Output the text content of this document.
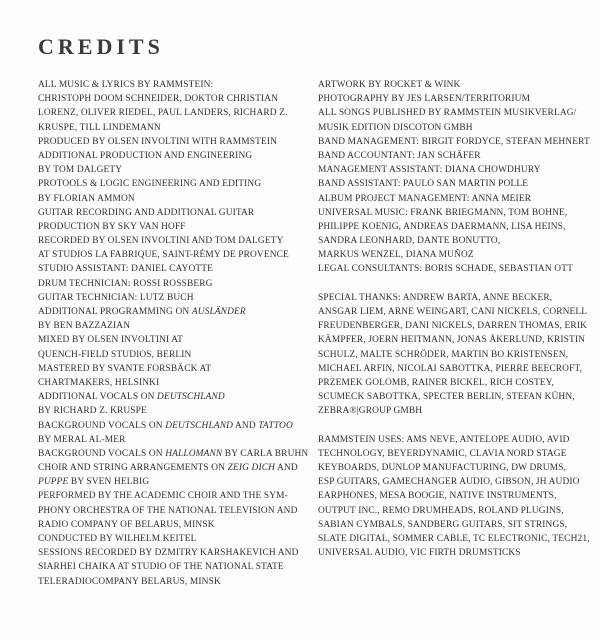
CREDITS
ALL MUSIC & LYRICS BY RAMMSTEIN:
CHRISTOPH DOOM SCHNEIDER, DOKTOR CHRISTIAN
LORENZ, OLIVER RIEDEL, PAUL LANDERS, RICHARD Z.
KRUSPE, TILL LINDEMANN
PRODUCED BY OLSEN INVOLTINI WITH RAMMSTEIN
ADDITIONAL PRODUCTION AND ENGINEERING
BY TOM DALGETY
PROTOOLS & LOGIC ENGINEERING AND EDITING
BY FLORIAN AMMON
GUITAR RECORDING AND ADDITIONAL GUITAR
PRODUCTION BY SKY VAN HOFF
RECORDED BY OLSEN INVOLTINI AND TOM DALGETY
AT STUDIOS LA FABRIQUE, SAINT-RÉMY DE PROVENCE
STUDIO ASSISTANT: DANIEL CAYOTTE
DRUM TECHNICIAN: ROSSI ROSSBERG
GUITAR TECHNICIAN: LUTZ BUCH
ADDITIONAL PROGRAMMING ON AUSLÄNDER
BY BEN BAZZAZIAN
MIXED BY OLSEN INVOLTINI AT
QUENCH-FIELD STUDIOS, BERLIN
MASTERED BY SVANTE FORSBÄCK AT
CHARTMAKERS, HELSINKI
ADDITIONAL VOCALS ON DEUTSCHLAND
BY RICHARD Z. KRUSPE
BACKGROUND VOCALS ON DEUTSCHLAND AND TATTOO
BY MERAL AL-MER
BACKGROUND VOCALS ON HALLOMANN BY CARLA BRUHN
CHOIR AND STRING ARRANGEMENTS ON ZEIG DICH AND
PUPPE BY SVEN HELBIG
PERFORMED BY THE ACADEMIC CHOIR AND THE SYM-
PHONY ORCHESTRA OF THE NATIONAL TELEVISION AND
RADIO COMPANY OF BELARUS, MINSK
CONDUCTED BY WILHELM KEITEL
SESSIONS RECORDED BY DZMITRY KARSHAKEVICH AND
SIARHEI CHAIKA AT STUDIO OF THE NATIONAL STATE
TELERADIOCOMPANY BELARUS, MINSK
ARTWORK BY ROCKET & WINK
PHOTOGRAPHY BY JES LARSEN/TERRITORIUM
ALL SONGS PUBLISHED BY RAMMSTEIN MUSIKVERLAG/
MUSIK EDITION DISCOTON GMBH
BAND MANAGEMENT: BIRGIT FORDYCE, STEFAN MEHNERT
BAND ACCOUNTANT: JAN SCHÄFER
MANAGEMENT ASSISTANT: DIANA CHOWDHURY
BAND ASSISTANT: PAULO SAN MARTIN POLLE
ALBUM PROJECT MANAGEMENT: ANNA MEIER
UNIVERSAL MUSIC: FRANK BRIEGMANN, TOM BOHNE,
PHILIPPE KOENIG, ANDREAS DAERMANN, LISA HEINS,
SANDRA LEONHARD, DANTE BONUTTO,
MARKUS WENZEL, DIANA MUÑOZ
LEGAL CONSULTANTS: BORIS SCHADE, SEBASTIAN OTT
SPECIAL THANKS: ANDREW BARTA, ANNE BECKER,
ANSGAR LIEM, ARNE WEINGART, CANI NICKELS, CORNELL
FREUDENBERGER, DANI NICKELS, DARREN THOMAS, ERIK
KÄMPFER, JOERN HEITMANN, JONAS ÅKERLUND, KRISTIN
SCHULZ, MALTE SCHRÖDER, MARTIN BO KRISTENSEN,
MICHAEL ARFIN, NICOLAI SABOTTKA, PIERRE BEECROFT,
PRZEMEK GOLOMB, RAINER BICKEL, RICH COSTEY,
SCUMECK SABOTTKA, SPECTER BERLIN, STEFAN KÜHN,
ZEBRA®|GROUP GMBH
RAMMSTEIN USES: AMS NEVE, ANTELOPE AUDIO, AVID
TECHNOLOGY, BEYERDYNAMIC, CLAVIA NORD STAGE
KEYBOARDS, DUNLOP MANUFACTURING, DW DRUMS,
ESP GUITARS, GAMECHANGER AUDIO, GIBSON, JH AUDIO
EARPHONES, MESA BOOGIE, NATIVE INSTRUMENTS,
OUTPUT INC., REMO DRUMHEADS, ROLAND PLUGINS,
SABIAN CYMBALS, SANDBERG GUITARS, SIT STRINGS,
SLATE DIGITAL, SOMMER CABLE, TC ELECTRONIC, TECH21,
UNIVERSAL AUDIO, VIC FIRTH DRUMSTICKS
